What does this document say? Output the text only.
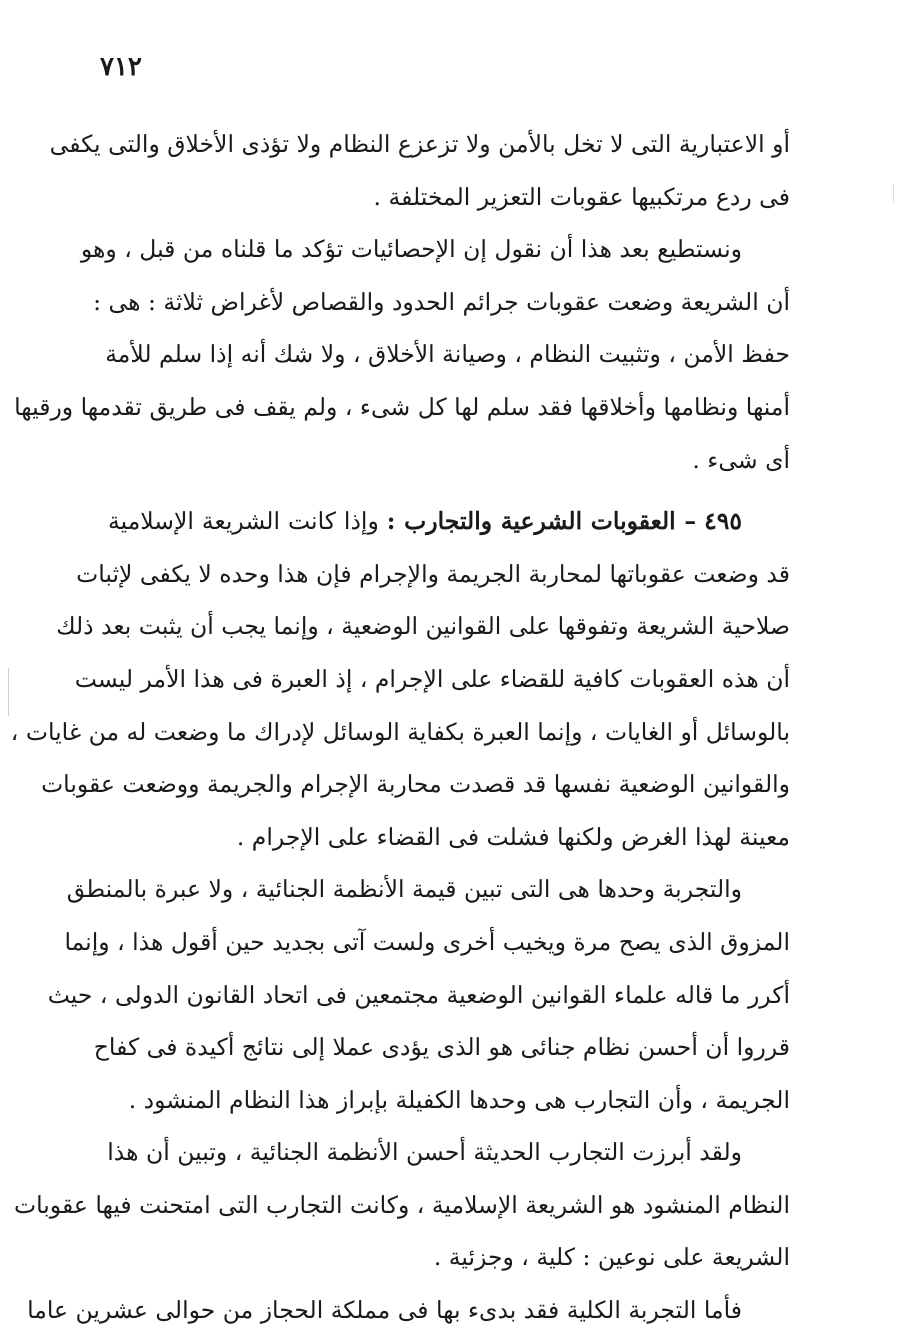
٧١٢
أو الاعتبارية التى لا تخل بالأمن ولا تزعزع النظام ولا تؤذى الأخلاق والتى يكفى
فى ردع مرتكبيها عقوبات التعزير المختلفة .
ونستطيع بعد هذا أن نقول إن الإحصائيات تؤكد ما قلناه من قبل ، وهو
أن الشريعة وضعت عقوبات جرائم الحدود والقصاص لأغراض ثلاثة : هى :
حفظ الأمن ، وتثبيت النظام ، وصيانة الأخلاق ، ولا شك أنه إذا سلم للأمة
أمنها ونظامها وأخلاقها فقد سلم لها كل شىء ، ولم يقف فى طريق تقدمها ورقيها
أى شىء .
٤٩٥ – العقوبات الشرعية والتجارب : وإذا كانت الشريعة الإسلامية
قد وضعت عقوباتها لمحاربة الجريمة والإجرام فإن هذا وحده لا يكفى لإثبات
صلاحية الشريعة وتفوقها على القوانين الوضعية ، وإنما يجب أن يثبت بعد ذلك
أن هذه العقوبات كافية للقضاء على الإجرام ، إذ العبرة فى هذا الأمر ليست
بالوسائل أو الغايات ، وإنما العبرة بكفاية الوسائل لإدراك ما وضعت له من غايات ،
والقوانين الوضعية نفسها قد قصدت محاربة الإجرام والجريمة ووضعت عقوبات
معينة لهذا الغرض ولكنها فشلت فى القضاء على الإجرام .
والتجربة وحدها هى التى تبين قيمة الأنظمة الجنائية ، ولا عبرة بالمنطق
المزوق الذى يصح مرة ويخيب أخرى ولست آتى بجديد حين أقول هذا ، وإنما
أكرر ما قاله علماء القوانين الوضعية مجتمعين فى اتحاد القانون الدولى ، حيث
قرروا أن أحسن نظام جنائى هو الذى يؤدى عملا إلى نتائج أكيدة فى كفاح
الجريمة ، وأن التجارب هى وحدها الكفيلة بإبراز هذا النظام المنشود .
ولقد أبرزت التجارب الحديثة أحسن الأنظمة الجنائية ، وتبين أن هذا
النظام المنشود هو الشريعة الإسلامية ، وكانت التجارب التى امتحنت فيها عقوبات
الشريعة على نوعين : كلية ، وجزئية .
فأما التجربة الكلية فقد بدىء بها فى مملكة الحجاز من حوالى عشرين عاما
